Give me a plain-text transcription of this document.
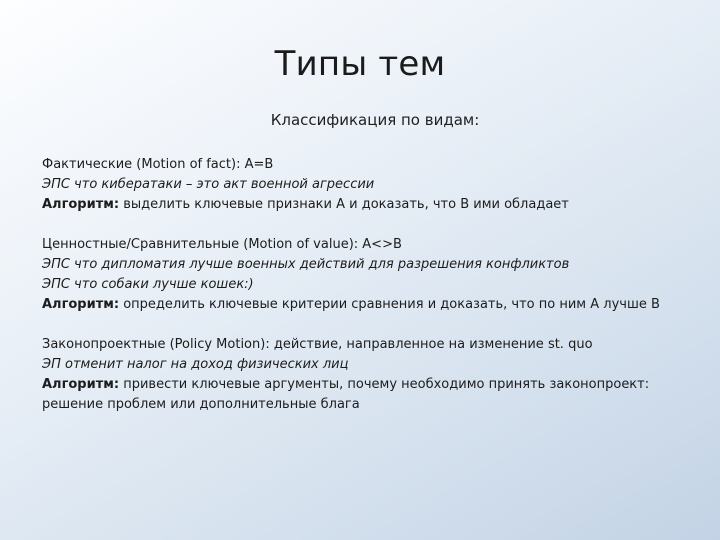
Типы тем
Классификация по видам:
Фактические (Motion of fact): A=B
ЭПС что кибератаки – это акт военной агрессии
Алгоритм: выделить ключевые признаки А и доказать, что В ими обладает
Ценностные/Сравнительные (Motion of value): A<>B
ЭПС что дипломатия лучше военных действий для разрешения конфликтов
ЭПС что собаки лучше кошек:)
Алгоритм: определить ключевые критерии сравнения и доказать, что по ним А лучше В
Законопроектные (Policy Motion): действие, направленное на изменение st. quo
ЭП отменит налог на доход физических лиц
Алгоритм: привести ключевые аргументы, почему необходимо принять законопроект: решение проблем или дополнительные блага
